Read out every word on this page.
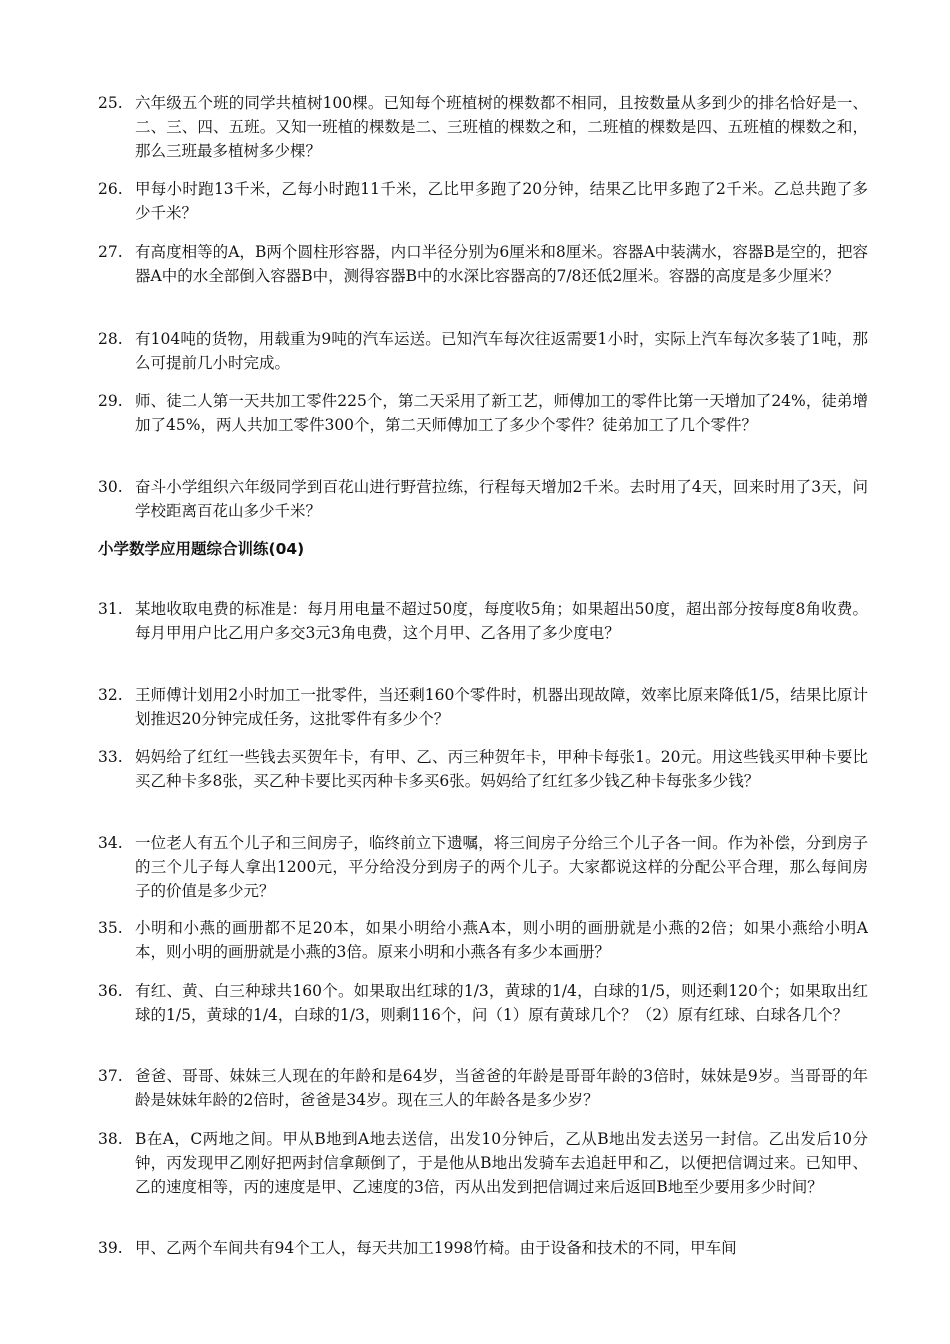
25. 六年级五个班的同学共植树100棵。已知每个班植树的棵数都不相同，且按数量从多到少的排名恰好是一、二、三、四、五班。又知一班植的棵数是二、三班植的棵数之和，二班植的棵数是四、五班植的棵数之和，那么三班最多植树多少棵？
26. 甲每小时跑13千米，乙每小时跑11千米，乙比甲多跑了20分钟，结果乙比甲多跑了2千米。乙总共跑了多少千米？
27. 有高度相等的A，B两个圆柱形容器，内口半径分别为6厘米和8厘米。容器A中装满水，容器B是空的，把容器A中的水全部倒入容器B中，测得容器B中的水深比容器高的7/8还低2厘米。容器的高度是多少厘米？
28. 有104吨的货物，用载重为9吨的汽车运送。已知汽车每次往返需要1小时，实际上汽车每次多装了1吨，那么可提前几小时完成。
29. 师、徒二人第一天共加工零件225个，第二天采用了新工艺，师傅加工的零件比第一天增加了24%，徒弟增加了45%，两人共加工零件300个，第二天师傅加工了多少个零件？徒弟加工了几个零件？
30. 奋斗小学组织六年级同学到百花山进行野营拉练，行程每天增加2千米。去时用了4天，回来时用了3天，问学校距离百花山多少千米？
小学数学应用题综合训练(04)
31. 某地收取电费的标准是：每月用电量不超过50度，每度收5角；如果超出50度，超出部分按每度8角收费。每月甲用户比乙用户多交3元3角电费，这个月甲、乙各用了多少度电？
32. 王师傅计划用2小时加工一批零件，当还剩160个零件时，机器出现故障，效率比原来降低1/5，结果比原计划推迟20分钟完成任务，这批零件有多少个？
33. 妈妈给了红红一些钱去买贺年卡，有甲、乙、丙三种贺年卡，甲种卡每张1。20元。用这些钱买甲种卡要比买乙种卡多8张，买乙种卡要比买丙种卡多买6张。妈妈给了红红多少钱乙种卡每张多少钱？
34. 一位老人有五个儿子和三间房子，临终前立下遗嘱，将三间房子分给三个儿子各一间。作为补偿，分到房子的三个儿子每人拿出1200元，平分给没分到房子的两个儿子。大家都说这样的分配公平合理，那么每间房子的价值是多少元？
35. 小明和小燕的画册都不足20本，如果小明给小燕A本，则小明的画册就是小燕的2倍；如果小燕给小明A本，则小明的画册就是小燕的3倍。原来小明和小燕各有多少本画册？
36. 有红、黄、白三种球共160个。如果取出红球的1/3，黄球的1/4，白球的1/5，则还剩120个；如果取出红球的1/5，黄球的1/4，白球的1/3，则剩116个，问（1）原有黄球几个？（2）原有红球、白球各几个？
37. 爸爸、哥哥、妹妹三人现在的年龄和是64岁，当爸爸的年龄是哥哥年龄的3倍时，妹妹是9岁。当哥哥的年龄是妹妹年龄的2倍时，爸爸是34岁。现在三人的年龄各是多少岁？
38. B在A，C两地之间。甲从B地到A地去送信，出发10分钟后，乙从B地出发去送另一封信。乙出发后10分钟，丙发现甲乙刚好把两封信拿颠倒了，于是他从B地出发骑车去追赶甲和乙，以便把信调过来。已知甲、乙的速度相等，丙的速度是甲、乙速度的3倍，丙从出发到把信调过来后返回B地至少要用多少时间？
39. 甲、乙两个车间共有94个工人，每天共加工1998竹椅。由于设备和技术的不同，甲车间
